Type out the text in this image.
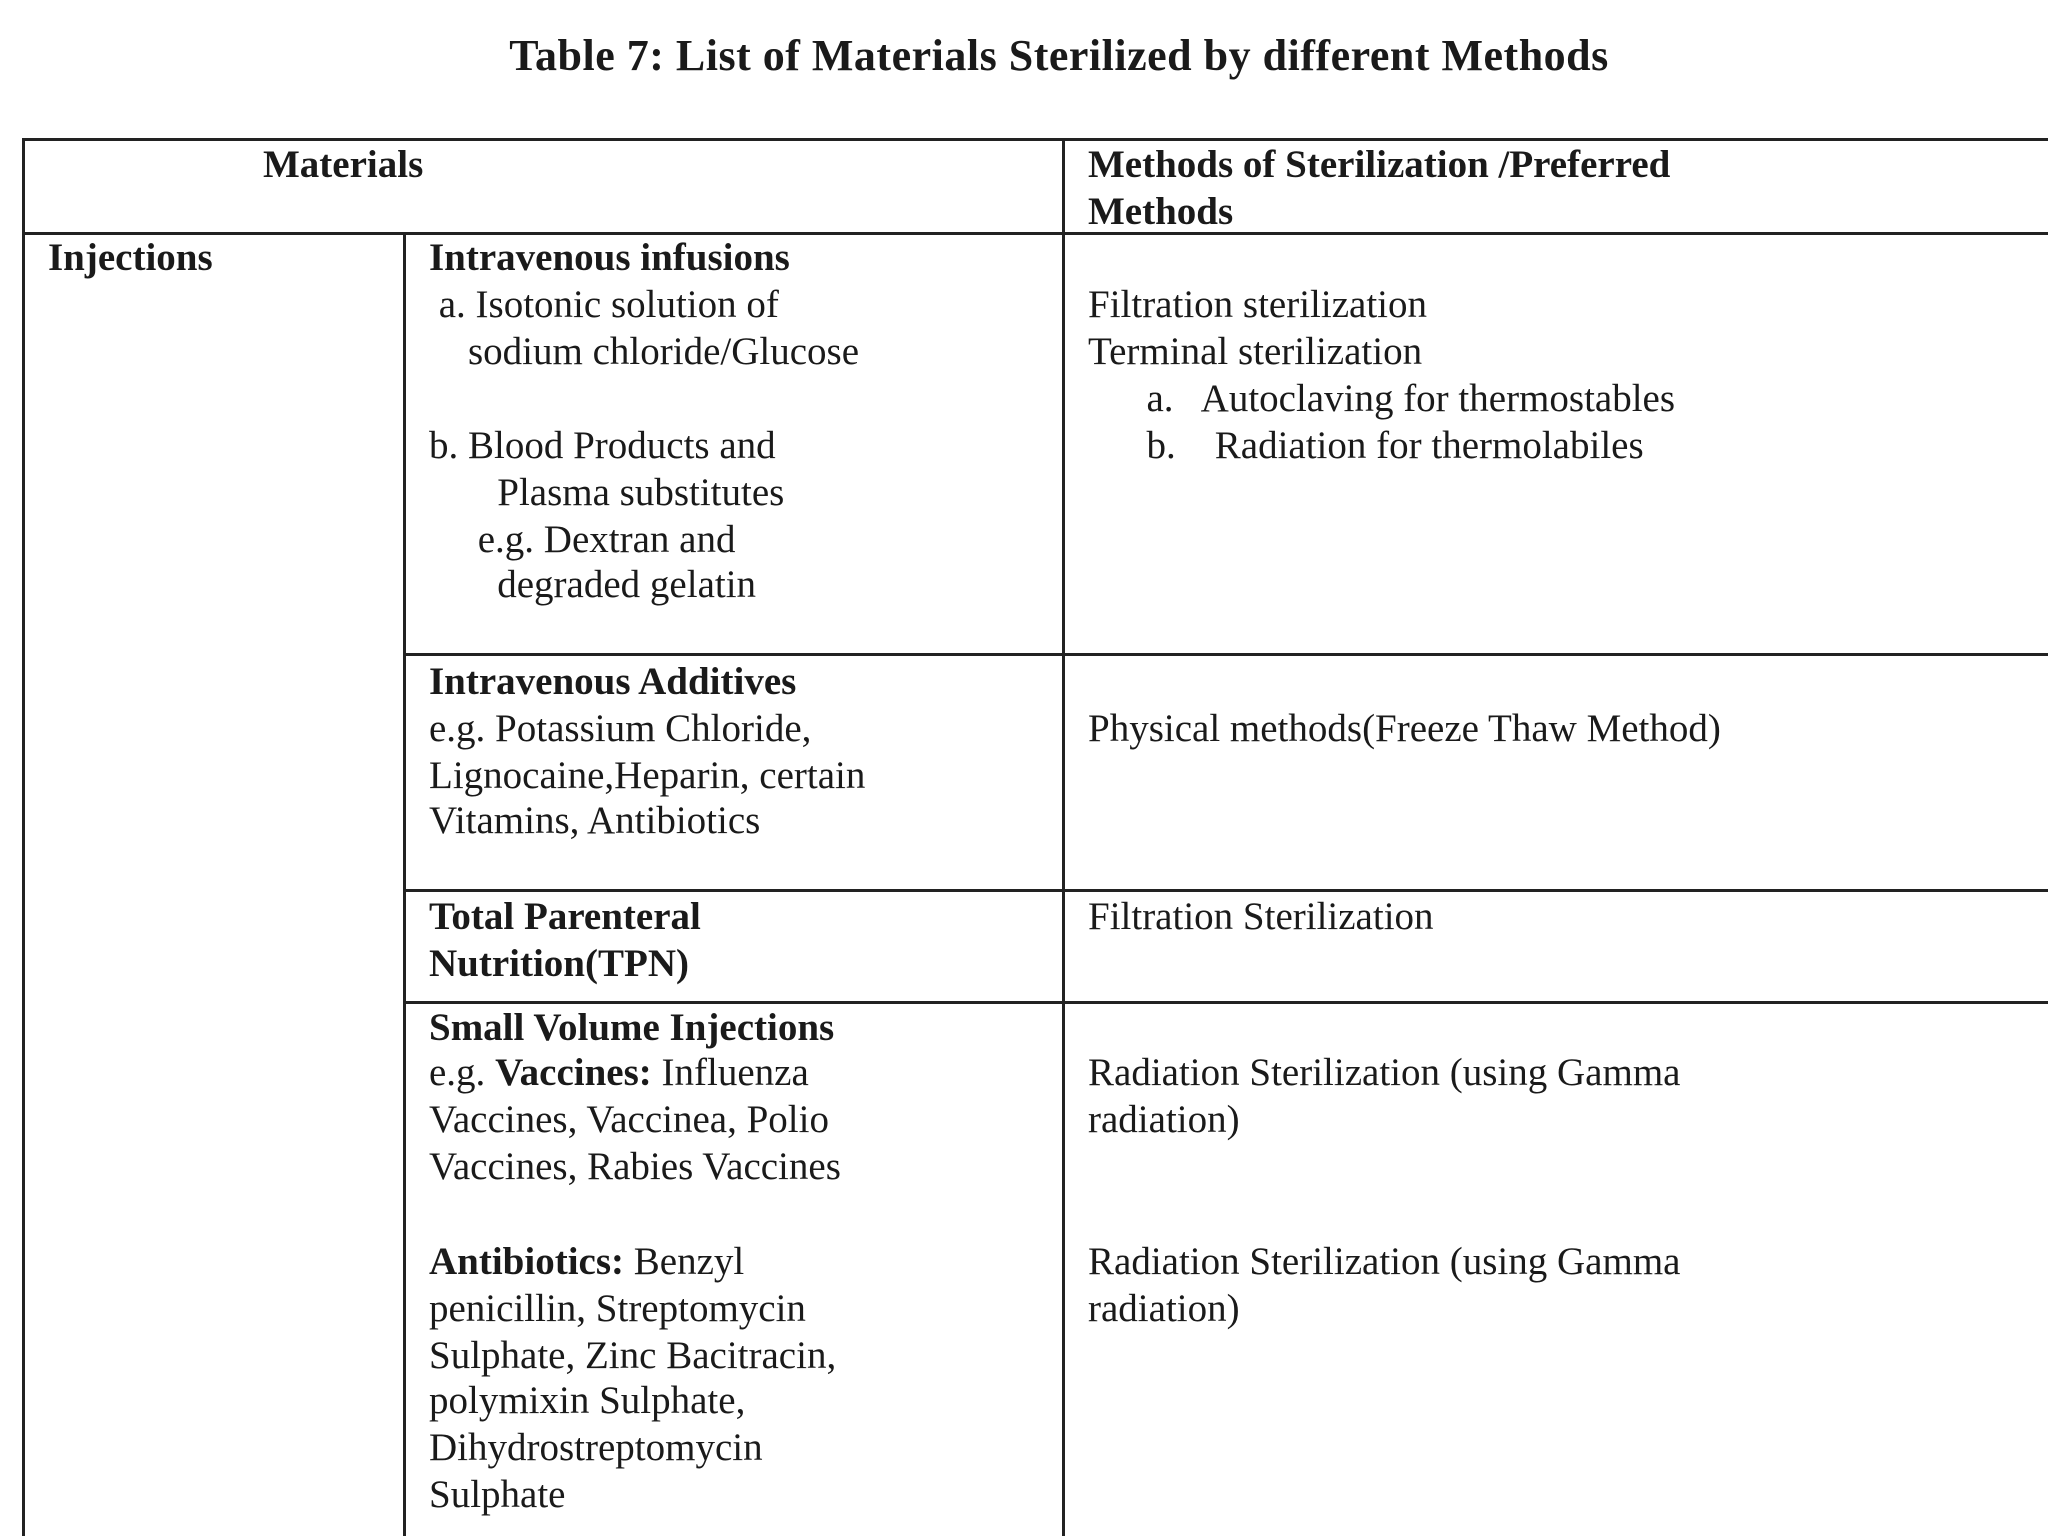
Table 7: List of Materials Sterilized by different Methods
Materials	Methods of Sterilization /Preferred
Methods
Injections	Intravenous infusions
a. Isotonic solution of
sodium chloride/Glucose
b. Blood Products and
Plasma substitutes
e.g. Dextran and
degraded gelatin
Filtration sterilization
Terminal sterilization
a.   Autoclaving for thermostables
b.    Radiation for thermolabiles
Intravenous Additives
e.g. Potassium Chloride,
Lignocaine,Heparin, certain
Vitamins, Antibiotics
Physical methods(Freeze Thaw Method)
Total Parenteral
Nutrition(TPN)
Filtration Sterilization
Small Volume Injections
e.g. Vaccines: Influenza
Vaccines, Vaccinea, Polio
Vaccines, Rabies Vaccines
Antibiotics: Benzyl
penicillin, Streptomycin
Sulphate, Zinc Bacitracin,
polymixin Sulphate,
Dihydrostreptomycin
Sulphate
Radiation Sterilization (using Gamma
radiation)
Radiation Sterilization (using Gamma
radiation)
